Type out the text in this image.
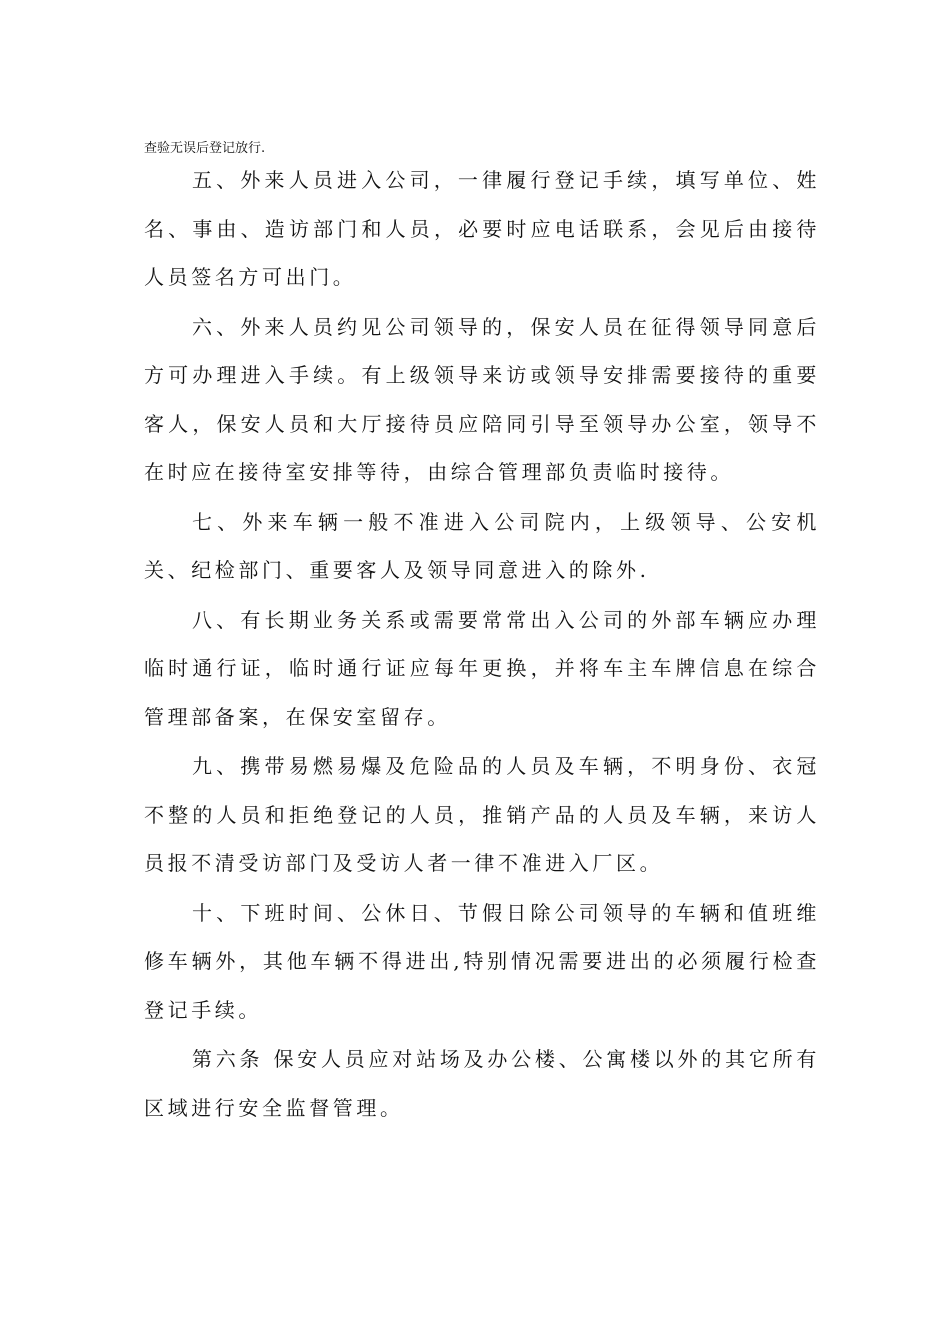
查验无误后登记放行.

五、外来人员进入公司，一律履行登记手续，填写单位、姓名、事由、造访部门和人员，必要时应电话联系，会见后由接待人员签名方可出门。

六、外来人员约见公司领导的，保安人员在征得领导同意后方可办理进入手续。有上级领导来访或领导安排需要接待的重要客人，保安人员和大厅接待员应陪同引导至领导办公室，领导不在时应在接待室安排等待，由综合管理部负责临时接待。

七、外来车辆一般不准进入公司院内，上级领导、公安机关、纪检部门、重要客人及领导同意进入的除外.

八、有长期业务关系或需要常常出入公司的外部车辆应办理临时通行证，临时通行证应每年更换，并将车主车牌信息在综合管理部备案，在保安室留存。

九、携带易燃易爆及危险品的人员及车辆，不明身份、衣冠不整的人员和拒绝登记的人员，推销产品的人员及车辆，来访人员报不清受访部门及受访人者一律不准进入厂区。

十、下班时间、公休日、节假日除公司领导的车辆和值班维修车辆外，其他车辆不得进出,特别情况需要进出的必须履行检查登记手续。

第六条 保安人员应对站场及办公楼、公寓楼以外的其它所有区域进行安全监督管理。
